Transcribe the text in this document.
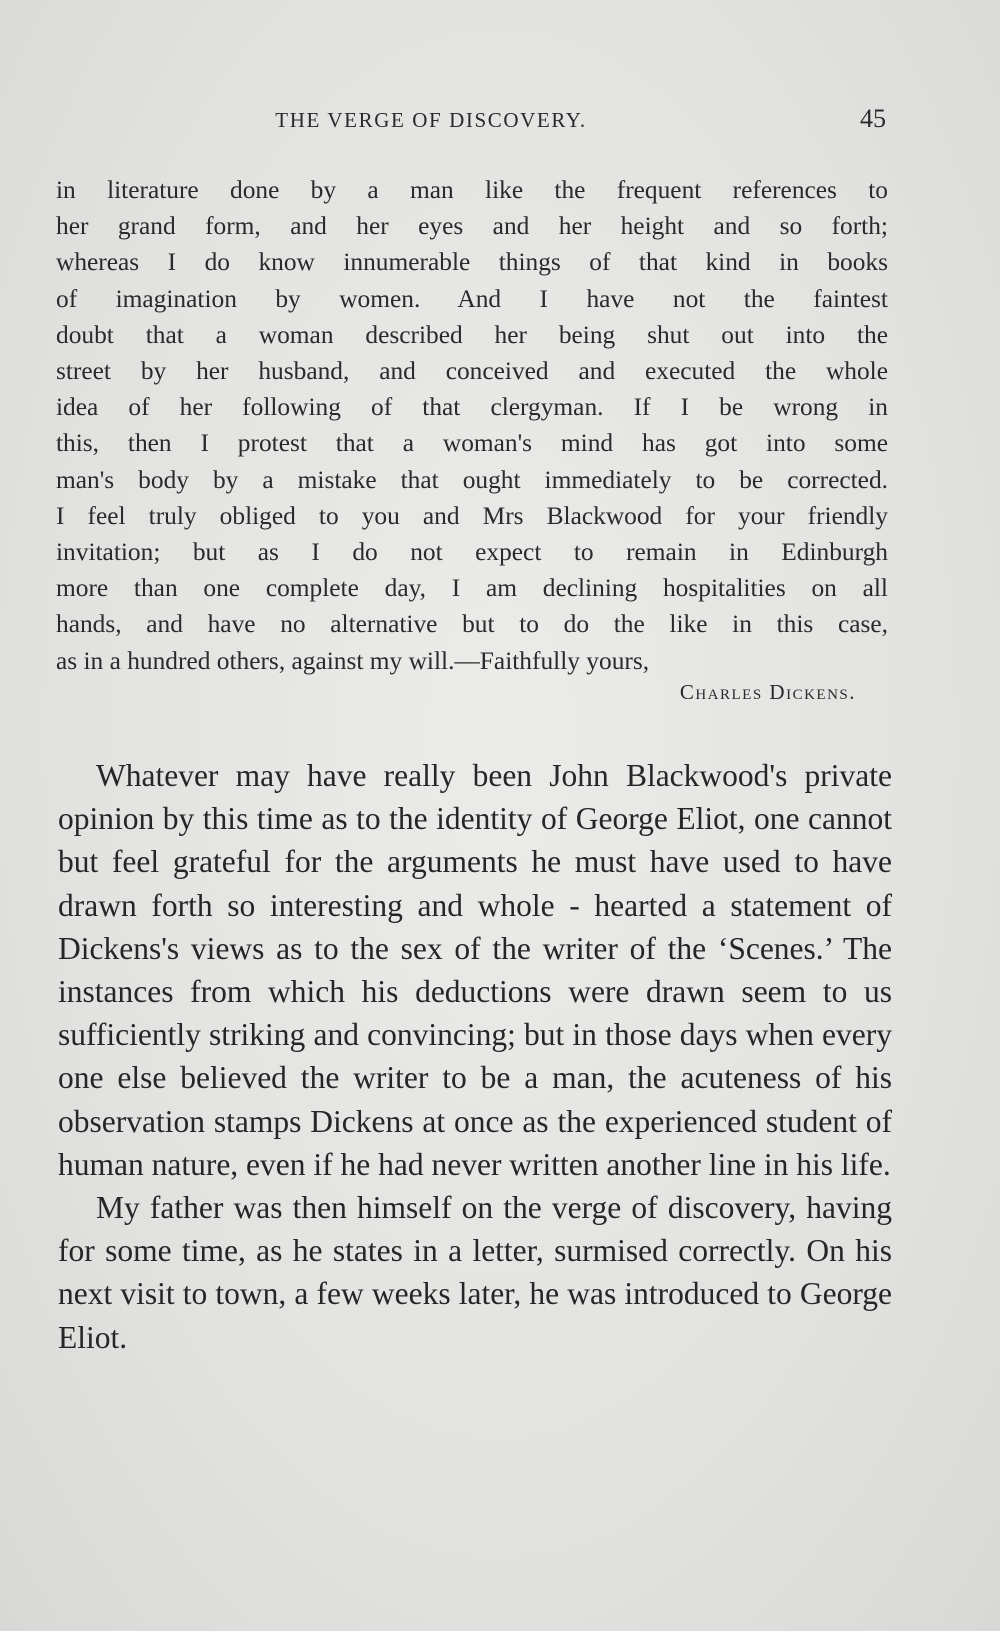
THE VERGE OF DISCOVERY.	45

in literature done by a man like the frequent references to

her grand form, and her eyes and her height and so forth;

whereas I do know innumerable things of that kind in books

of imagination by women. And I have not the faintest

doubt that a woman described her being shut out into the

street by her husband, and conceived and executed the whole

idea of her following of that clergyman. If I be wrong in

this, then I protest that a woman's mind has got into some

man's body by a mistake that ought immediately to be corrected.

I feel truly obliged to you and Mrs Blackwood for your friendly

invitation; but as I do not expect to remain in Edinburgh

more than one complete day, I am declining hospitalities on all

hands, and have no alternative but to do the like in this case,

as in a hundred others, against my will.—Faithfully yours,

Charles Dickens.

Whatever may have really been John Blackwood's private opinion by this time as to the identity of George Eliot, one cannot but feel grateful for the arguments he must have used to have drawn forth so interesting and whole - hearted a statement of Dickens's views as to the sex of the writer of the ‘Scenes.’ The instances from which his deductions were drawn seem to us sufficiently striking and convincing; but in those days when every one else believed the writer to be a man, the acuteness of his observation stamps Dickens at once as the experienced student of human nature, even if he had never written another line in his life.

My father was then himself on the verge of discovery, having for some time, as he states in a letter, surmised correctly. On his next visit to town, a few weeks later, he was introduced to George Eliot.
